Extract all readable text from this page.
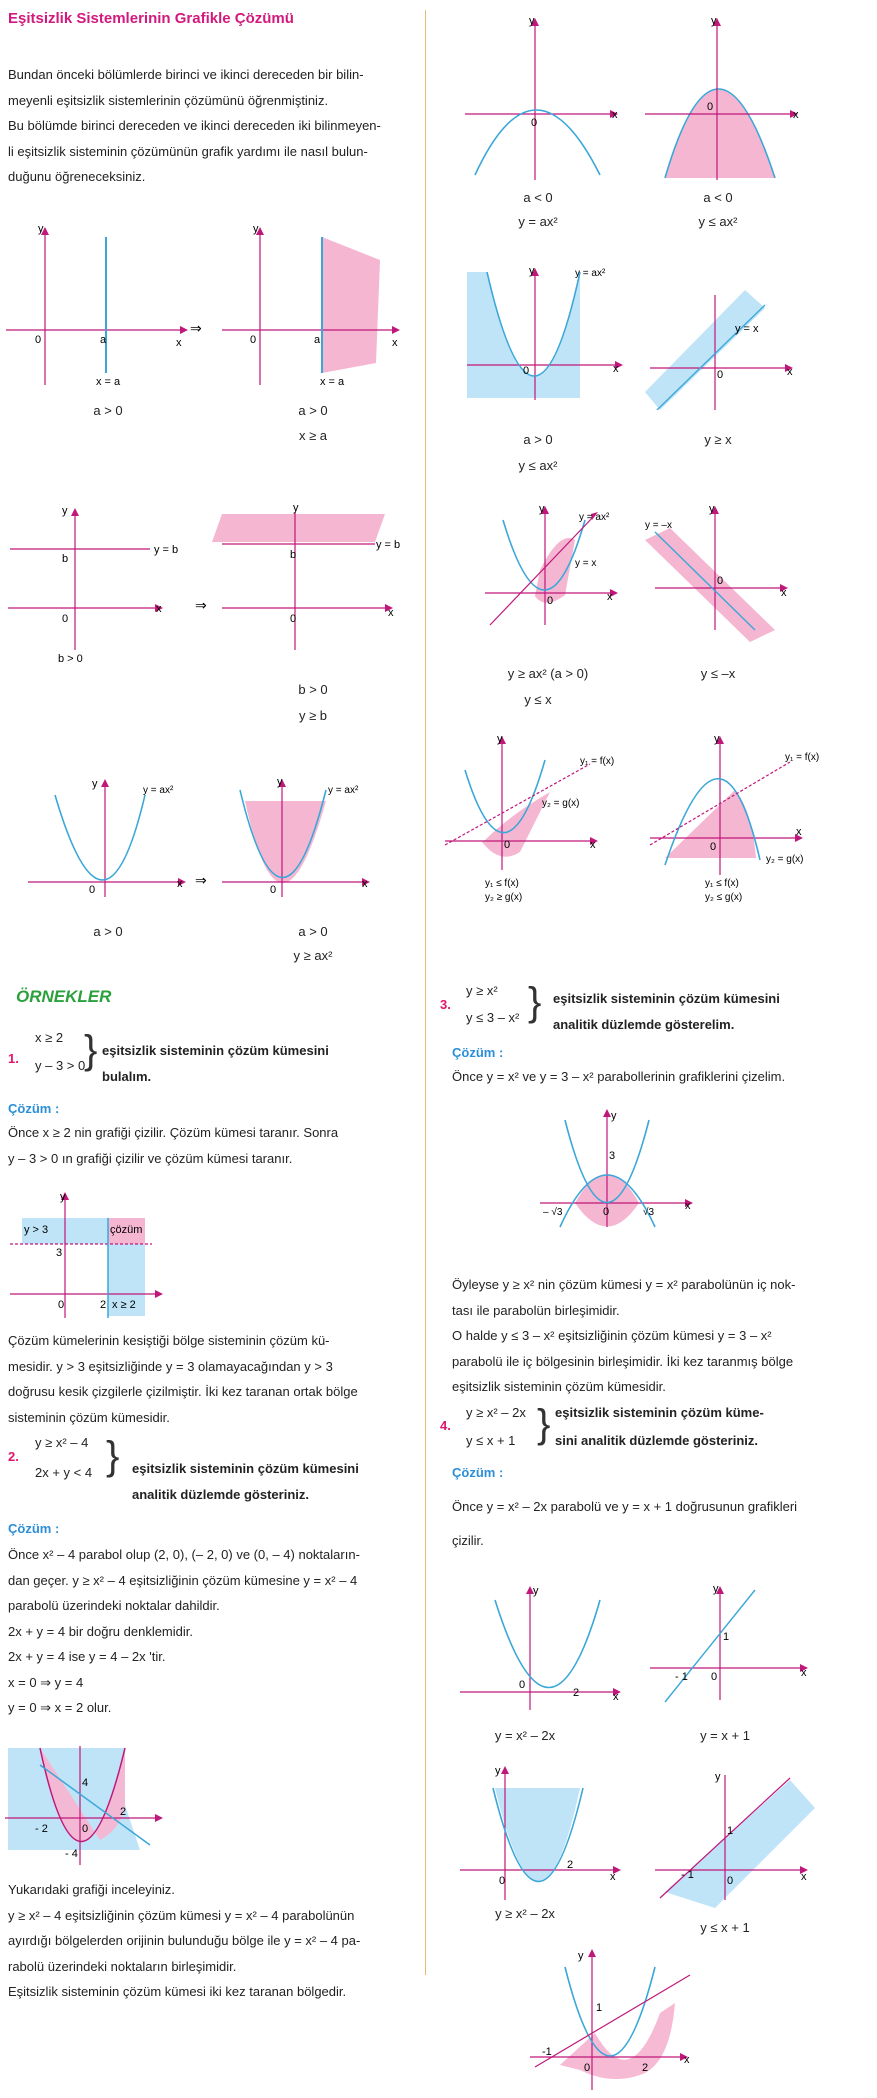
Eşitsizlik Sistemlerinin Grafikle Çözümü
Bundan önceki bölümlerde birinci ve ikinci dereceden bir bilin-
meyenli eşitsizlik sistemlerinin çözümünü öğrenmiştiniz.
Bu bölümde birinci dereceden ve ikinci dereceden iki bilinmeyen-
li eşitsizlik sisteminin çözümünün grafik yardımı ile nasıl bulun-
duğunu öğreneceksiniz.
y
x
0	a
x = a
⇒
y
x
0	a
x = a
a > 0	a > 0
x ≥ a
y
x
b
0
y = b
b > 0
⇒
y
x
b
0
y = b
b > 0
y ≥ b
y
x
0
y = ax²
⇒
y
x
0
y = ax²
a > 0	a > 0
y ≥ ax²
ÖRNEKLER
1.
x ≥ 2
y – 3 > 0
} eşitsizlik sisteminin çözüm kümesini
bulalım.
Çözüm :
Önce x ≥ 2 nin grafiği çizilir. Çözüm kümesi taranır. Sonra
y – 3 > 0 ın grafiği çizilir ve çözüm kümesi taranır.
y
y > 3	çözüm
3
0	2 x ≥ 2
Çözüm kümelerinin kesiştiği bölge sisteminin çözüm kü-
mesidir. y > 3 eşitsizliğinde y = 3 olamayacağından y > 3
doğrusu kesik çizgilerle çizilmiştir. İki kez taranan ortak bölge
sisteminin çözüm kümesidir.
2.
y ≥ x² – 4
2x + y < 4 } eşitsizlik sisteminin çözüm kümesini
analitik düzlemde gösteriniz.
Çözüm :
Önce x² – 4 parabol olup (2, 0), (– 2, 0) ve (0, – 4) noktaların-
dan geçer. y ≥ x² – 4 eşitsizliğinin çözüm kümesine y = x² – 4
parabolü üzerindeki noktalar dahildir.
2x + y = 4 bir doğru denklemidir.
2x + y = 4 ise y = 4 – 2x 'tir.
x = 0 ⇒ y = 4
y = 0 ⇒ x = 2 olur.
4
2
- 2	0
- 4
Yukarıdaki grafiği inceleyiniz.
y ≥ x² – 4 eşitsizliğinin çözüm kümesi y = x² – 4 parabolünün
ayırdığı bölgelerden orijinin bulunduğu bölge ile y = x² – 4 pa-
rabolü üzerindeki noktaların birleşimidir.
Eşitsizlik sisteminin çözüm kümesi iki kez taranan bölgedir.
y
x
0
y
x
0
a < 0
y = ax²
a < 0
y ≤ ax²
y
x
0
y = ax²
y = x
x
0
a > 0
y ≤ ax²
y ≥ x
y
x
0
y = ax²
y = x
y
x
0
y = –x
y ≥ ax² (a > 0)
y ≤ x
y ≤ –x
y
x
0
y₁ = f(x)
y₂ = g(x)
y₁ ≤ f(x)
y₂ ≥ g(x)
y
x
0
y₁ = f(x)
y₂ = g(x)
y₁ ≤ f(x)
y₂ ≤ g(x)
3.
y ≥ x²
y ≤ 3 – x² } eşitsizlik sisteminin çözüm kümesini
analitik düzlemde gösterelim.
Çözüm :
Önce y = x² ve y = 3 – x² parabollerinin grafiklerini çizelim.
y
x
3
0
– √3	√3
Öyleyse y ≥ x² nin çözüm kümesi y = x² parabolünün iç nok-
tası ile parabolün birleşimidir.
O halde y ≤ 3 – x² eşitsizliğinin çözüm kümesi y = 3 – x²
parabolü ile iç bölgesinin birleşimidir. İki kez taranmış bölge
eşitsizlik sisteminin çözüm kümesidir.
4.
y ≥ x² – 2x
y ≤ x + 1 } eşitsizlik sisteminin çözüm küme-
sini analitik düzlemde gösteriniz.
Çözüm :
Önce y = x² – 2x parabolü ve y = x + 1 doğrusunun grafikleri
çizilir.
y
x
0
2
y
x
1
- 1 0
y = x² – 2x	y = x + 1
y
x
0
2
y
x
1
- 1	0
y ≥ x² – 2x
y ≤ x + 1
y
x
1
-1
0	2
